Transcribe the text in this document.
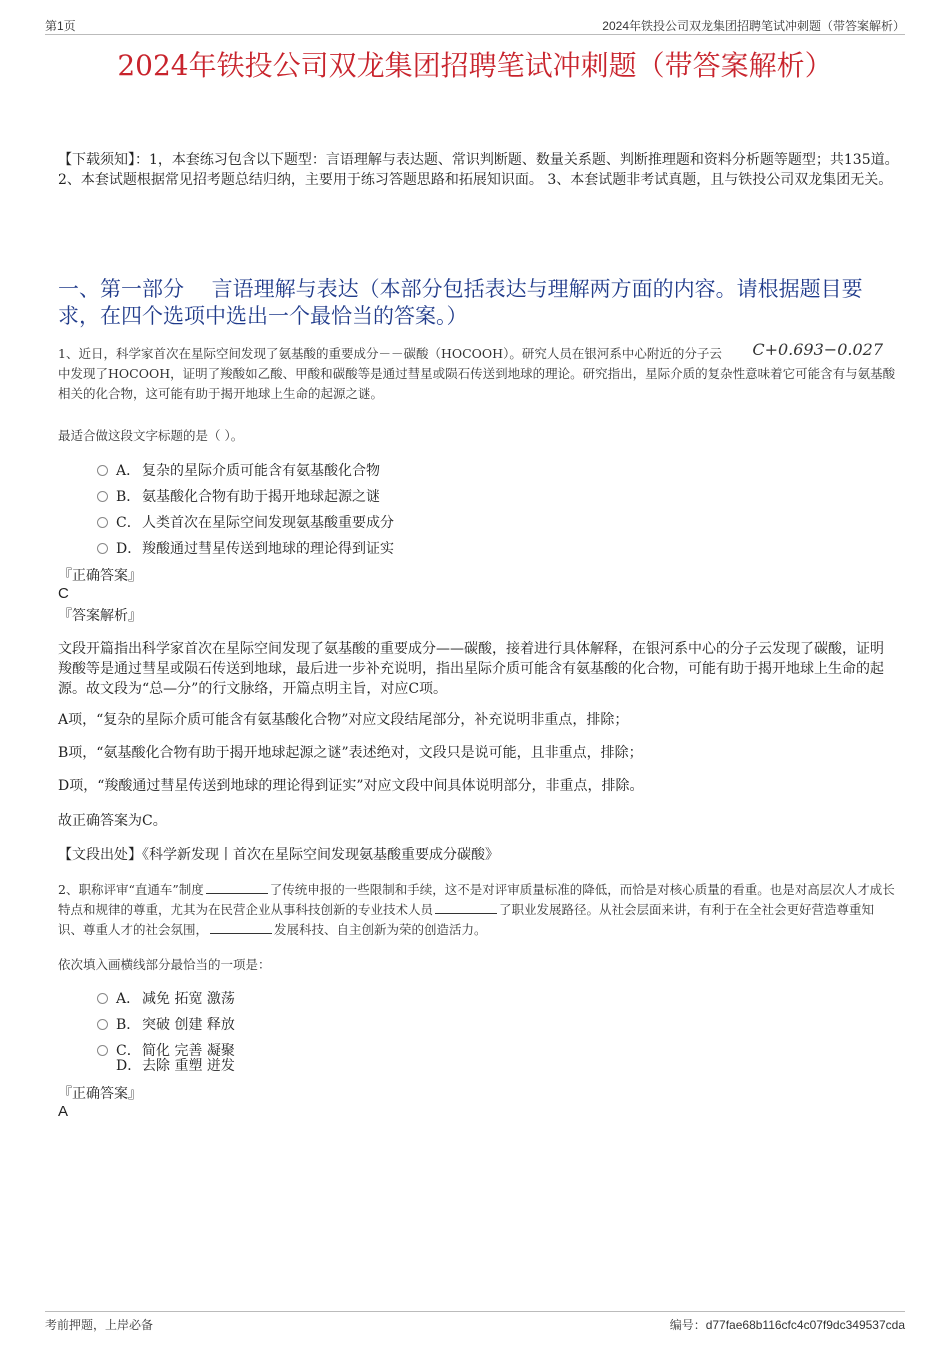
第1页	2024年铁投公司双龙集团招聘笔试冲刺题（带答案解析）
2024年铁投公司双龙集团招聘笔试冲刺题（带答案解析）
【下载须知】：1，本套练习包含以下题型：言语理解与表达题、常识判断题、数量关系题、判断推理题和资料分析题等题型；共135道。 2、本套试题根据常见招考题总结归纳，主要用于练习答题思路和拓展知识面。 3、本套试题非考试真题，且与铁投公司双龙集团无关。
一、第一部分　 言语理解与表达（本部分包括表达与理解两方面的内容。请根据题目要求，在四个选项中选出一个最恰当的答案。）
1、近日，科学家首次在星际空间发现了氨基酸的重要成分－－碳酸（HOCOOH）。研究人员在银河系中心附近的分子云 C+0.693−0.027
中发现了HOCOOH，证明了羧酸如乙酸、甲酸和碳酸等是通过彗星或陨石传送到地球的理论。研究指出，星际介质的复杂性意味着它可能含有与氨基酸相关的化合物，这可能有助于揭开地球上生命的起源之谜。
最适合做这段文字标题的是（ ）。
A． 复杂的星际介质可能含有氨基酸化合物
B． 氨基酸化合物有助于揭开地球起源之谜
C．人类首次在星际空间发现氨基酸重要成分
D．羧酸通过彗星传送到地球的理论得到证实
『正确答案』
C
『答案解析』
文段开篇指出科学家首次在星际空间发现了氨基酸的重要成分——碳酸，接着进行具体解释，在银河系中心的分子云发现了碳酸，证明羧酸等是通过彗星或陨石传送到地球，最后进一步补充说明，指出星际介质可能含有氨基酸的化合物，可能有助于揭开地球上生命的起源。故文段为“总—分”的行文脉络，开篇点明主旨，对应C项。
A项，“复杂的星际介质可能含有氨基酸化合物”对应文段结尾部分，补充说明非重点，排除；
B项，“氨基酸化合物有助于揭开地球起源之谜”表述绝对，文段只是说可能，且非重点，排除；
D项，“羧酸通过彗星传送到地球的理论得到证实”对应文段中间具体说明部分，非重点，排除。
故正确答案为C。
【文段出处】《科学新发现丨首次在星际空间发现氨基酸重要成分碳酸》
2、职称评审“直通车”制度	了传统申报的一些限制和手续，这不是对评审质量标准的降低，而恰是对核心质量的看重。也是对高层次人才成长特点和规律的尊重，尤其为在民营企业从事科技创新的专业技术人员	了职业发展路径。从社会层面来讲，有利于在全社会更好营造尊重知识、尊重人才的社会氛围，	发展科技、自主创新为荣的创造活力。
依次填入画横线部分最恰当的一项是：
A． 减免 拓宽 激荡
B． 突破 创建 释放
C．简化 完善 凝聚
D．去除 重塑 迸发
『正确答案』
A
考前押题，上岸必备	编号：d77fae68b116cfc4c07f9dc349537cda
